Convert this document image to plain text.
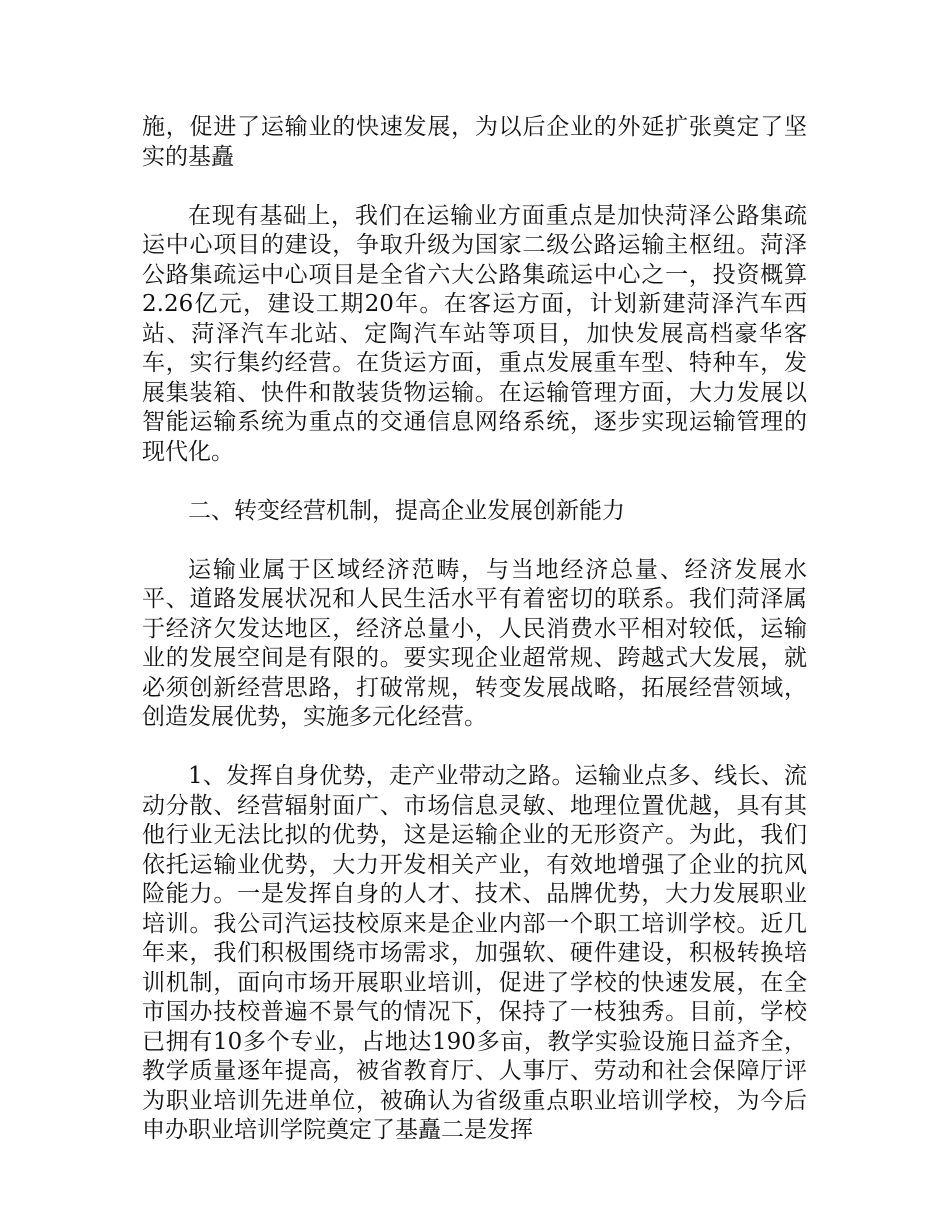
施，促进了运输业的快速发展，为以后企业的外延扩张奠定了坚实的基矗

在现有基础上，我们在运输业方面重点是加快菏泽公路集疏运中心项目的建设，争取升级为国家二级公路运输主枢纽。菏泽公路集疏运中心项目是全省六大公路集疏运中心之一，投资概算2.26亿元，建设工期20年。在客运方面，计划新建菏泽汽车西站、菏泽汽车北站、定陶汽车站等项目，加快发展高档豪华客车，实行集约经营。在货运方面，重点发展重车型、特种车，发展集装箱、快件和散装货物运输。在运输管理方面，大力发展以智能运输系统为重点的交通信息网络系统，逐步实现运输管理的现代化。

二、转变经营机制，提高企业发展创新能力

运输业属于区域经济范畴，与当地经济总量、经济发展水平、道路发展状况和人民生活水平有着密切的联系。我们菏泽属于经济欠发达地区，经济总量小，人民消费水平相对较低，运输业的发展空间是有限的。要实现企业超常规、跨越式大发展，就必须创新经营思路，打破常规，转变发展战略，拓展经营领域，创造发展优势，实施多元化经营。

1、发挥自身优势，走产业带动之路。运输业点多、线长、流动分散、经营辐射面广、市场信息灵敏、地理位置优越，具有其他行业无法比拟的优势，这是运输企业的无形资产。为此，我们依托运输业优势，大力开发相关产业，有效地增强了企业的抗风险能力。一是发挥自身的人才、技术、品牌优势，大力发展职业培训。我公司汽运技校原来是企业内部一个职工培训学校。近几年来，我们积极围绕市场需求，加强软、硬件建设，积极转换培训机制，面向市场开展职业培训，促进了学校的快速发展，在全市国办技校普遍不景气的情况下，保持了一枝独秀。目前，学校已拥有10多个专业，占地达190多亩，教学实验设施日益齐全，教学质量逐年提高，被省教育厅、人事厅、劳动和社会保障厅评为职业培训先进单位，被确认为省级重点职业培训学校，为今后申办职业培训学院奠定了基矗二是发挥
